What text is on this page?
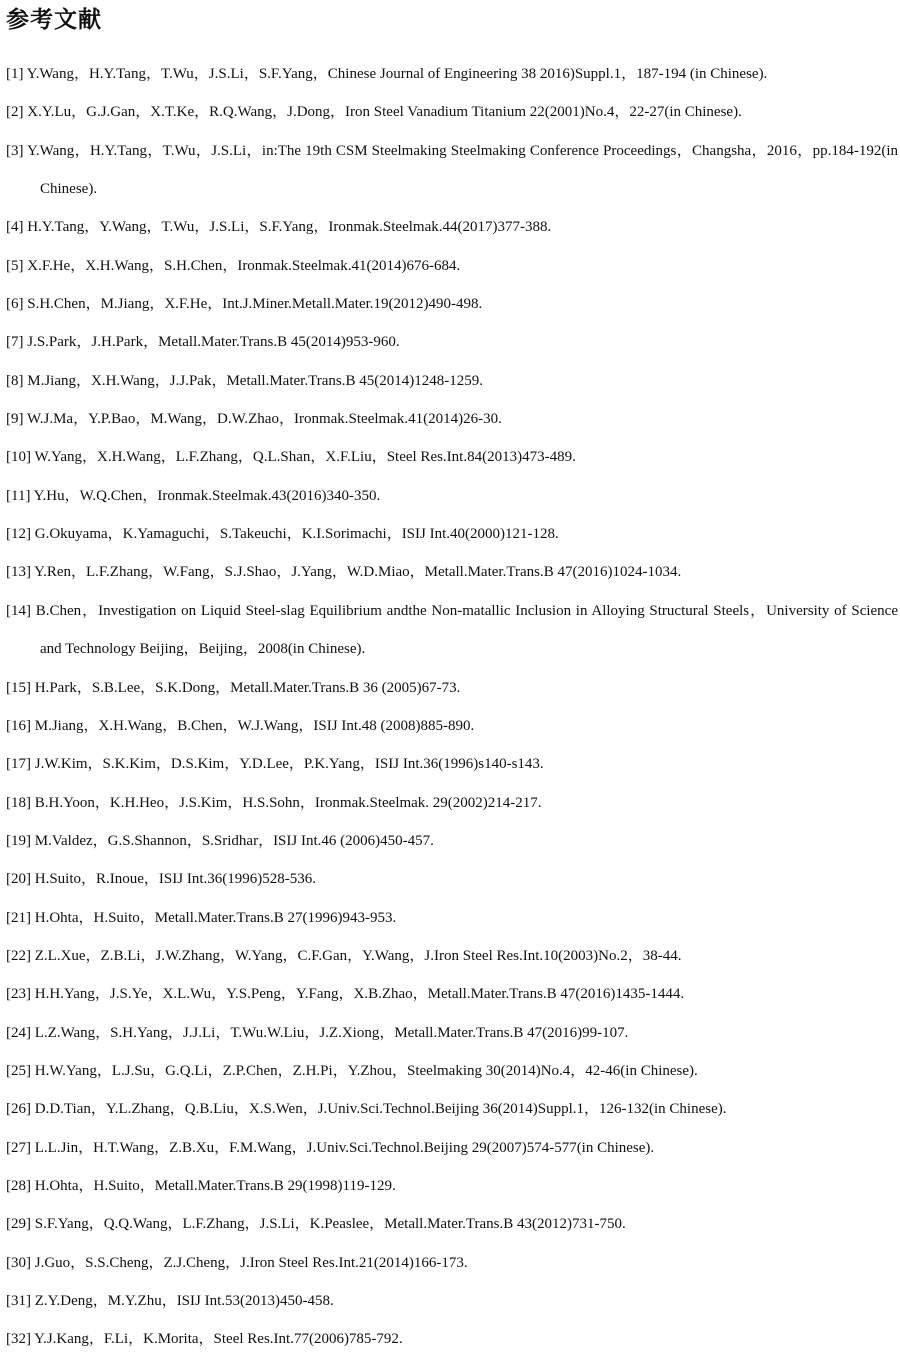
参考文献
[1] Y.Wang，H.Y.Tang，T.Wu，J.S.Li，S.F.Yang，Chinese Journal of Engineering 38 2016)Suppl.1，187-194 (in Chinese).
[2] X.Y.Lu，G.J.Gan，X.T.Ke，R.Q.Wang，J.Dong，Iron Steel Vanadium Titanium 22(2001)No.4，22-27(in Chinese).
[3] Y.Wang，H.Y.Tang，T.Wu，J.S.Li，in:The 19th CSM Steelmaking Steelmaking Conference Proceedings，Changsha，2016，pp.184-192(in Chinese).
[4] H.Y.Tang，Y.Wang，T.Wu，J.S.Li，S.F.Yang，Ironmak.Steelmak.44(2017)377-388.
[5] X.F.He，X.H.Wang，S.H.Chen，Ironmak.Steelmak.41(2014)676-684.
[6] S.H.Chen，M.Jiang，X.F.He，Int.J.Miner.Metall.Mater.19(2012)490-498.
[7] J.S.Park，J.H.Park，Metall.Mater.Trans.B 45(2014)953-960.
[8] M.Jiang，X.H.Wang，J.J.Pak，Metall.Mater.Trans.B 45(2014)1248-1259.
[9] W.J.Ma，Y.P.Bao，M.Wang，D.W.Zhao，Ironmak.Steelmak.41(2014)26-30.
[10] W.Yang，X.H.Wang，L.F.Zhang，Q.L.Shan，X.F.Liu，Steel Res.Int.84(2013)473-489.
[11] Y.Hu，W.Q.Chen，Ironmak.Steelmak.43(2016)340-350.
[12] G.Okuyama，K.Yamaguchi，S.Takeuchi，K.I.Sorimachi，ISIJ Int.40(2000)121-128.
[13] Y.Ren，L.F.Zhang，W.Fang，S.J.Shao，J.Yang，W.D.Miao，Metall.Mater.Trans.B 47(2016)1024-1034.
[14] B.Chen，Investigation on Liquid Steel-slag Equilibrium andthe Non-matallic Inclusion in Alloying Structural Steels，University of Science and Technology Beijing，Beijing，2008(in Chinese).
[15] H.Park，S.B.Lee，S.K.Dong，Metall.Mater.Trans.B 36 (2005)67-73.
[16] M.Jiang，X.H.Wang，B.Chen，W.J.Wang，ISIJ Int.48 (2008)885-890.
[17] J.W.Kim，S.K.Kim，D.S.Kim，Y.D.Lee，P.K.Yang，ISIJ Int.36(1996)s140-s143.
[18] B.H.Yoon，K.H.Heo，J.S.Kim，H.S.Sohn，Ironmak.Steelmak. 29(2002)214-217.
[19] M.Valdez，G.S.Shannon，S.Sridhar，ISIJ Int.46 (2006)450-457.
[20] H.Suito，R.Inoue，ISIJ Int.36(1996)528-536.
[21] H.Ohta，H.Suito，Metall.Mater.Trans.B 27(1996)943-953.
[22] Z.L.Xue，Z.B.Li，J.W.Zhang，W.Yang，C.F.Gan，Y.Wang，J.Iron Steel Res.Int.10(2003)No.2，38-44.
[23] H.H.Yang，J.S.Ye，X.L.Wu，Y.S.Peng，Y.Fang，X.B.Zhao，Metall.Mater.Trans.B 47(2016)1435-1444.
[24] L.Z.Wang，S.H.Yang，J.J.Li，T.Wu.W.Liu，J.Z.Xiong，Metall.Mater.Trans.B 47(2016)99-107.
[25] H.W.Yang，L.J.Su，G.Q.Li，Z.P.Chen，Z.H.Pi，Y.Zhou，Steelmaking 30(2014)No.4，42-46(in Chinese).
[26] D.D.Tian，Y.L.Zhang，Q.B.Liu，X.S.Wen，J.Univ.Sci.Technol.Beijing 36(2014)Suppl.1，126-132(in Chinese).
[27] L.L.Jin，H.T.Wang，Z.B.Xu，F.M.Wang，J.Univ.Sci.Technol.Beijing 29(2007)574-577(in Chinese).
[28] H.Ohta，H.Suito，Metall.Mater.Trans.B 29(1998)119-129.
[29] S.F.Yang，Q.Q.Wang，L.F.Zhang，J.S.Li，K.Peaslee，Metall.Mater.Trans.B 43(2012)731-750.
[30] J.Guo，S.S.Cheng，Z.J.Cheng，J.Iron Steel Res.Int.21(2014)166-173.
[31] Z.Y.Deng，M.Y.Zhu，ISIJ Int.53(2013)450-458.
[32] Y.J.Kang，F.Li，K.Morita，Steel Res.Int.77(2006)785-792.
